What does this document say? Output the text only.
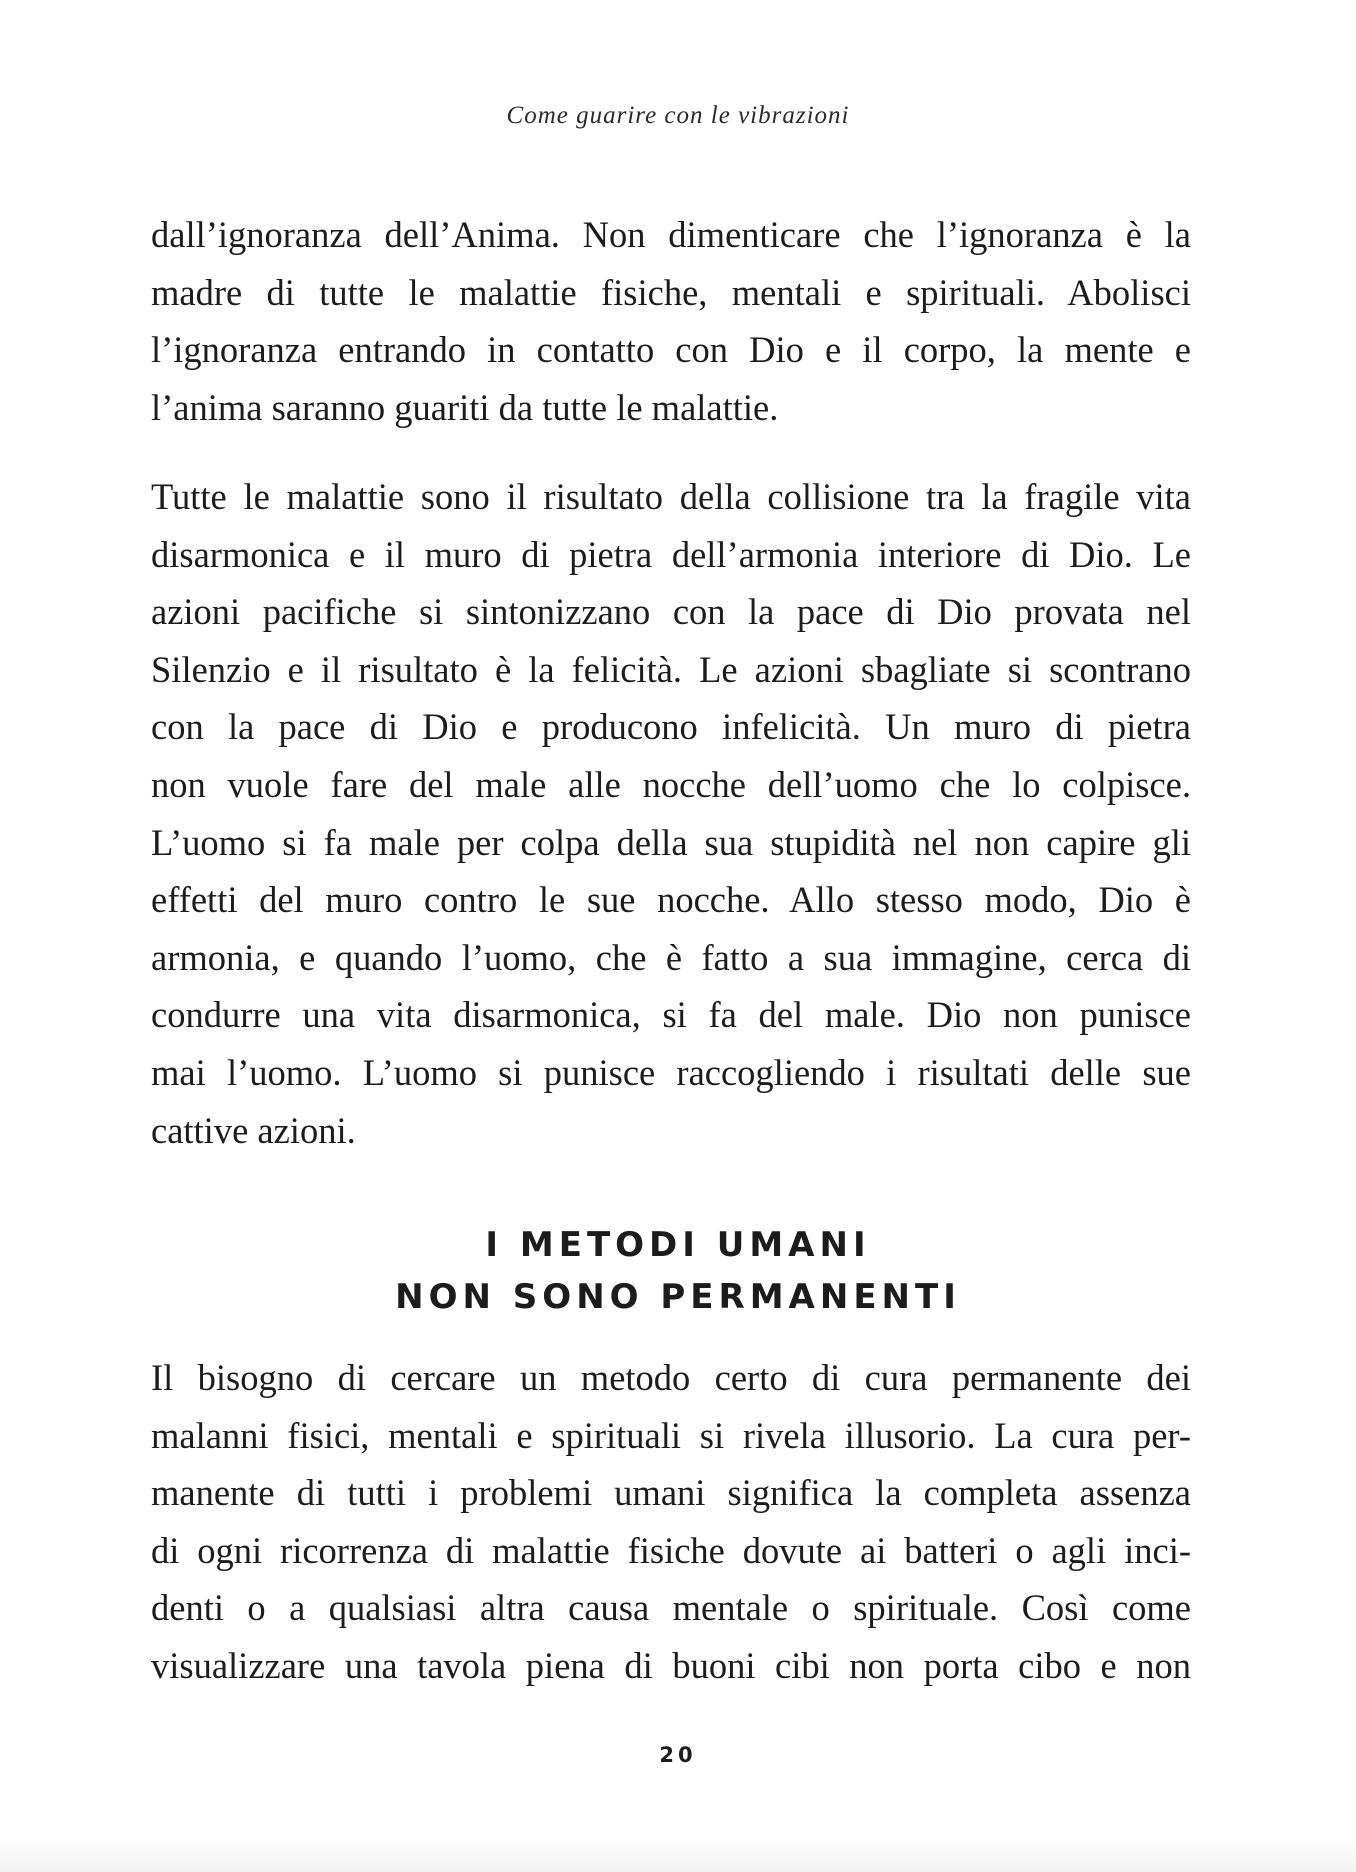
Come guarire con le vibrazioni
dall’ignoranza dell’Anima. Non dimenticare che l’ignoranza è la
madre di tutte le malattie fisiche, mentali e spirituali. Abolisci
l’ignoranza entrando in contatto con Dio e il corpo, la mente e
l’anima saranno guariti da tutte le malattie.
Tutte le malattie sono il risultato della collisione tra la fragile vita
disarmonica e il muro di pietra dell’armonia interiore di Dio. Le
azioni pacifiche si sintonizzano con la pace di Dio provata nel
Silenzio e il risultato è la felicità. Le azioni sbagliate si scontrano
con la pace di Dio e producono infelicità. Un muro di pietra
non vuole fare del male alle nocche dell’uomo che lo colpisce.
L’uomo si fa male per colpa della sua stupidità nel non capire gli
effetti del muro contro le sue nocche. Allo stesso modo, Dio è
armonia, e quando l’uomo, che è fatto a sua immagine, cerca di
condurre una vita disarmonica, si fa del male. Dio non punisce
mai l’uomo. L’uomo si punisce raccogliendo i risultati delle sue
cattive azioni.
I METODI UMANI
NON SONO PERMANENTI
Il bisogno di cercare un metodo certo di cura permanente dei
malanni fisici, mentali e spirituali si rivela illusorio. La cura per-
manente di tutti i problemi umani significa la completa assenza
di ogni ricorrenza di malattie fisiche dovute ai batteri o agli inci-
denti o a qualsiasi altra causa mentale o spirituale. Così come
visualizzare una tavola piena di buoni cibi non porta cibo e non
20
